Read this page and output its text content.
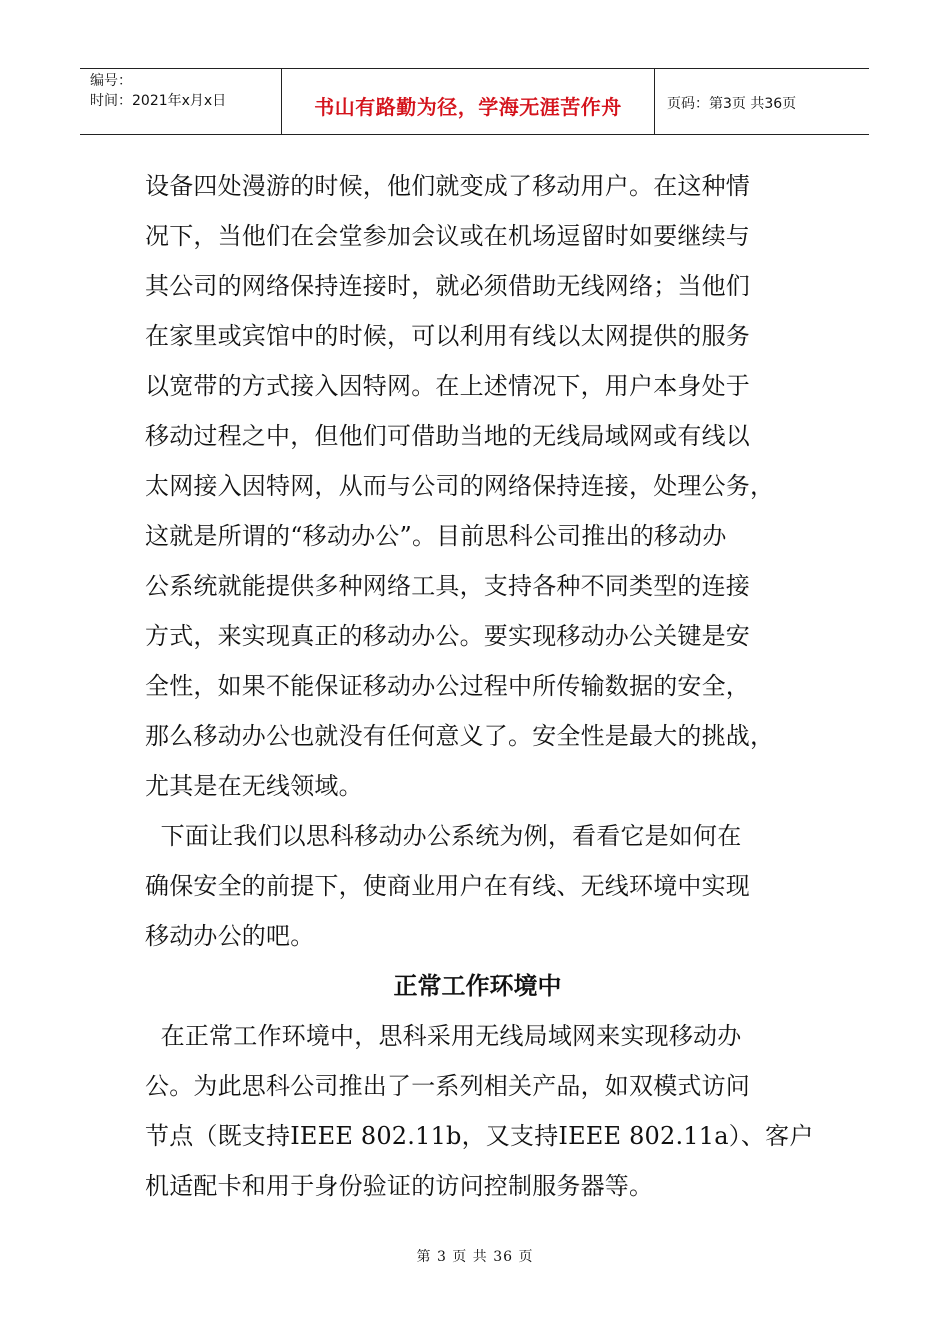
编号：
时间：2021年x月x日	书山有路勤为径，学海无涯苦作舟	页码：第3页 共36页
设备四处漫游的时候，他们就变成了移动用户。在这种情
况下，当他们在会堂参加会议或在机场逗留时如要继续与
其公司的网络保持连接时，就必须借助无线网络；当他们
在家里或宾馆中的时候，可以利用有线以太网提供的服务
以宽带的方式接入因特网。在上述情况下，用户本身处于
移动过程之中，但他们可借助当地的无线局域网或有线以
太网接入因特网，从而与公司的网络保持连接，处理公务，
这就是所谓的“移动办公”。目前思科公司推出的移动办
公系统就能提供多种网络工具，支持各种不同类型的连接
方式，来实现真正的移动办公。要实现移动办公关键是安
全性，如果不能保证移动办公过程中所传输数据的安全，
那么移动办公也就没有任何意义了。安全性是最大的挑战，
尤其是在无线领域。
下面让我们以思科移动办公系统为例，看看它是如何在
确保安全的前提下，使商业用户在有线、无线环境中实现
移动办公的吧。
正常工作环境中
在正常工作环境中，思科采用无线局域网来实现移动办
公。为此思科公司推出了一系列相关产品，如双模式访问
节点（既支持IEEE 802.11b，又支持IEEE 802.11a）、客户
机适配卡和用于身份验证的访问控制服务器等。
第 3 页 共 36 页
